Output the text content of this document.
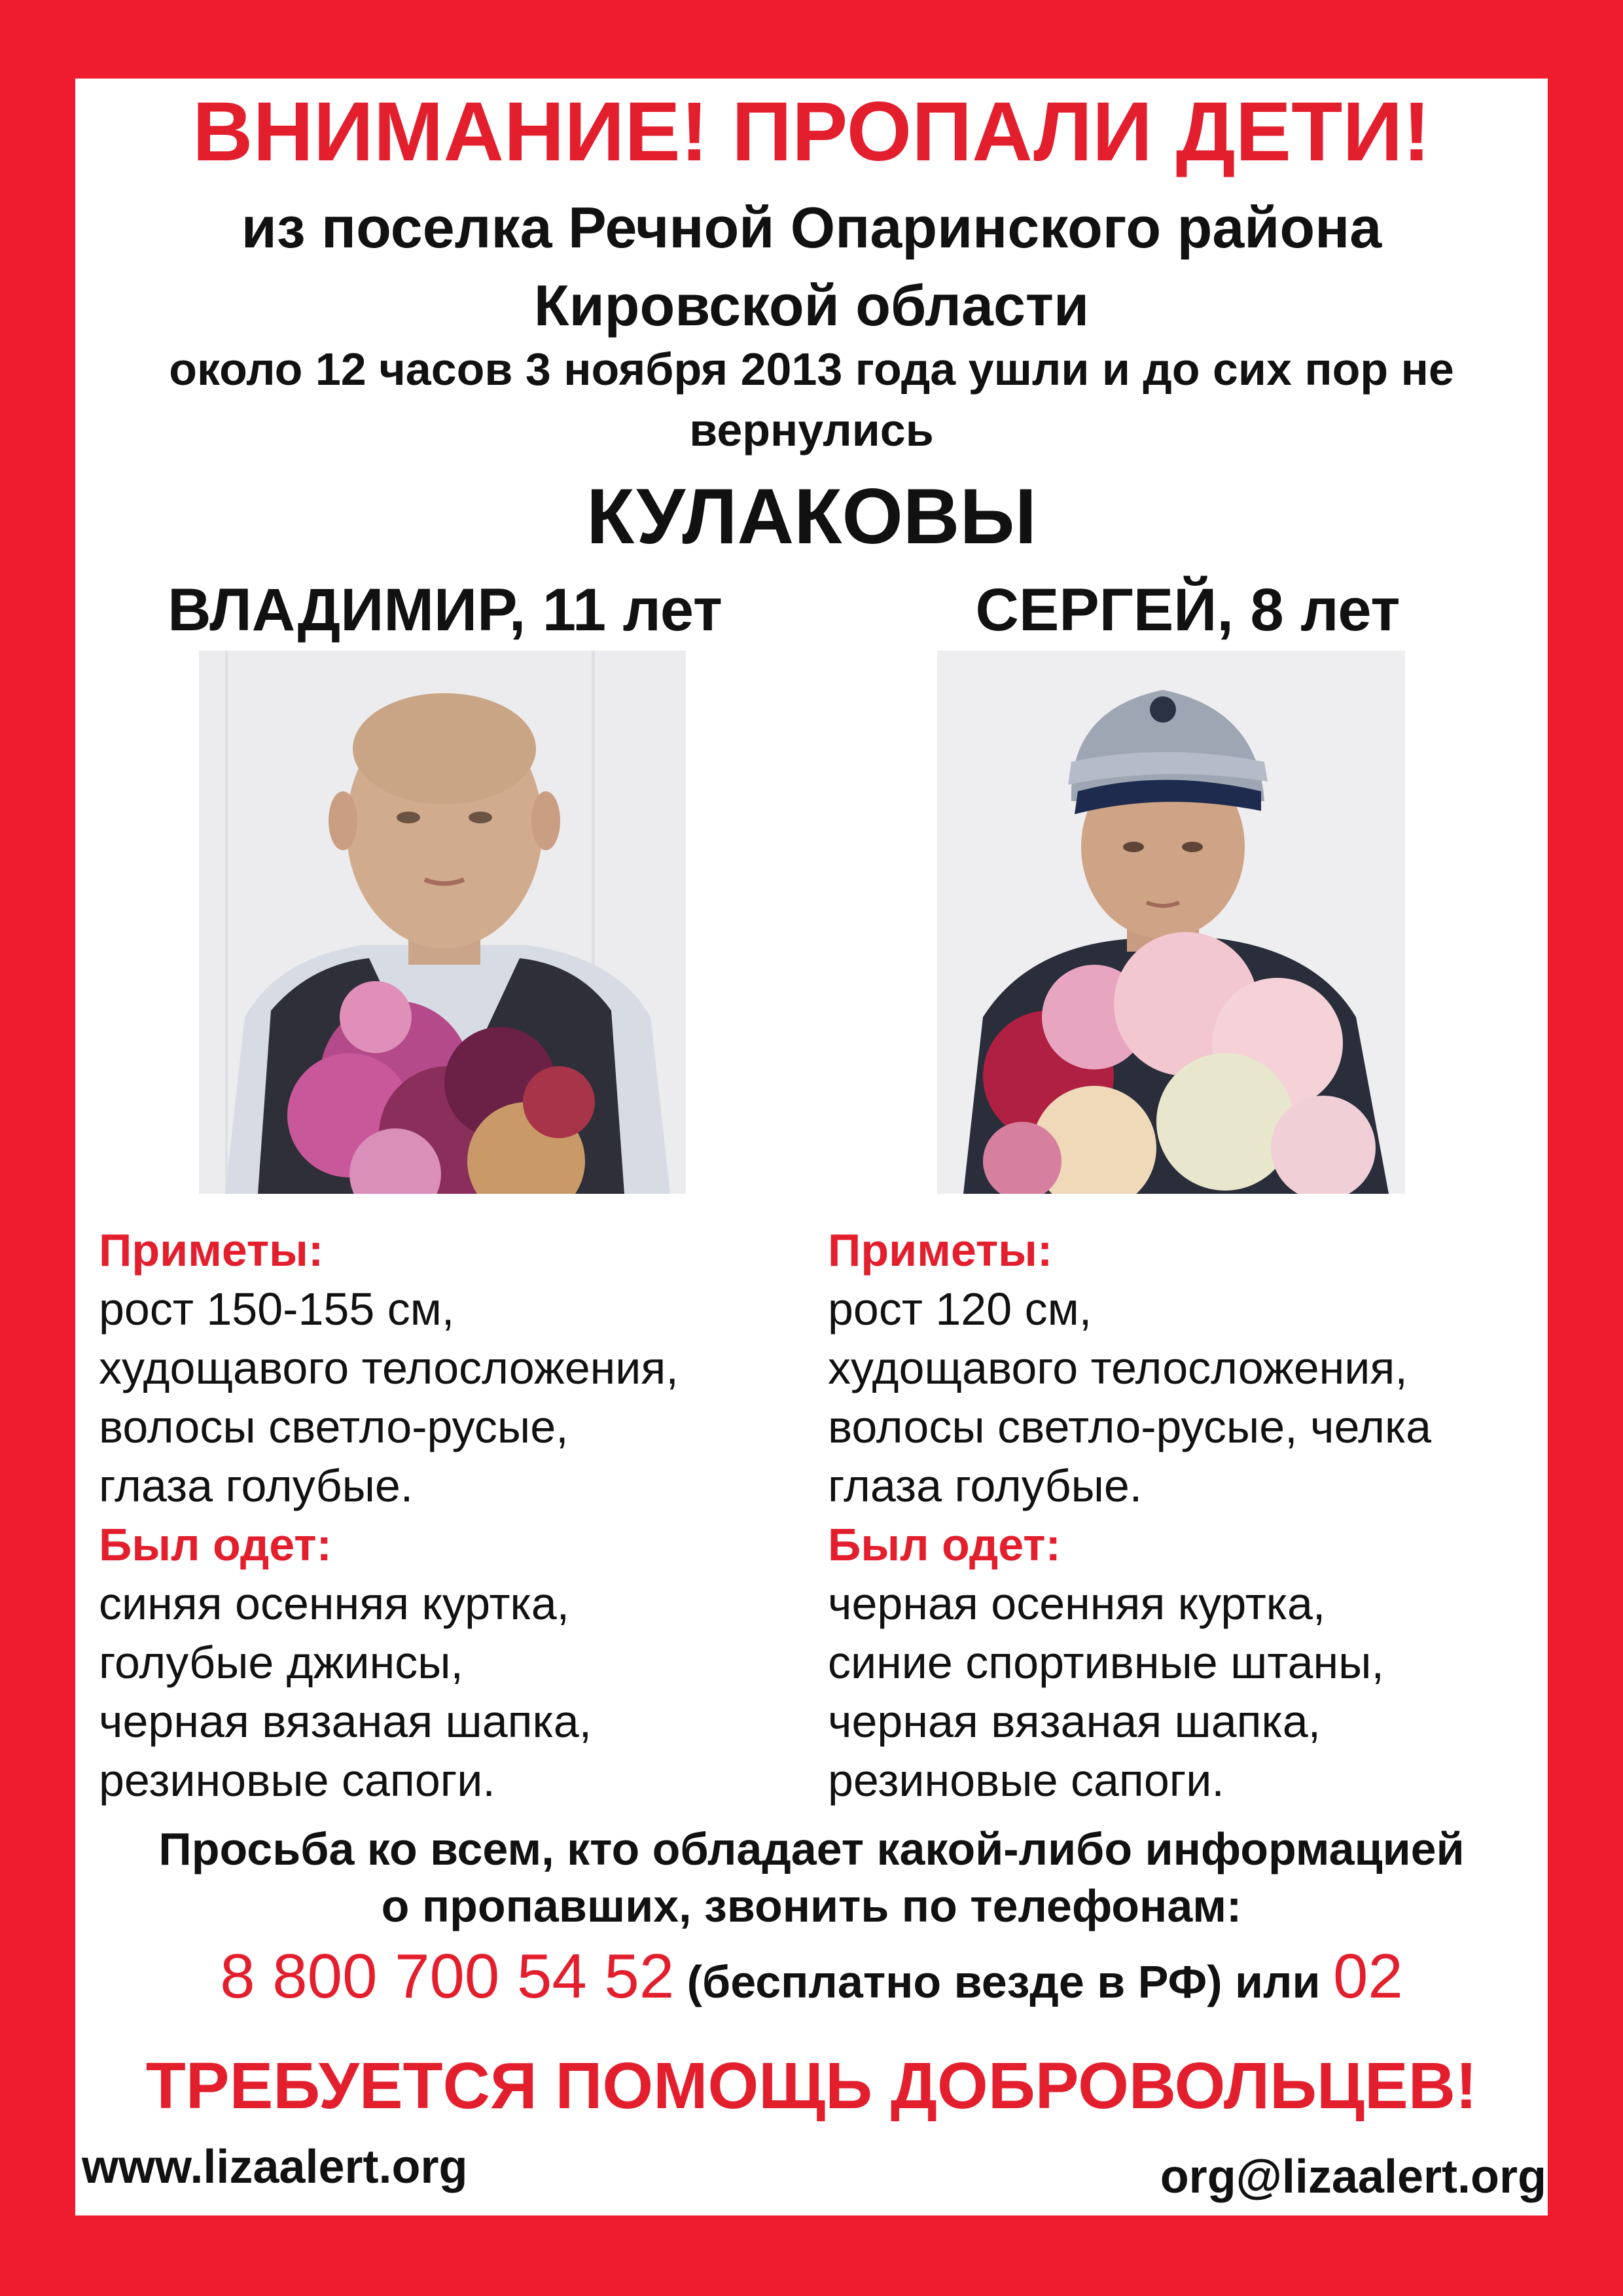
ВНИМАНИЕ! ПРОПАЛИ ДЕТИ!
из поселка Речной Опаринского района
Кировской области
около 12 часов 3 ноября 2013 года ушли и до сих пор не
вернулись
КУЛАКОВЫ
ВЛАДИМИР, 11 лет	СЕРГЕЙ, 8 лет
Приметы:
рост 150-155 см,
худощавого телосложения,
волосы светло-русые,
глаза голубые.
Был одет:
синяя осенняя куртка,
голубые джинсы,
черная вязаная шапка,
резиновые сапоги.
Приметы:
рост 120 см,
худощавого телосложения,
волосы светло-русые, челка
глаза голубые.
Был одет:
черная осенняя куртка,
синие спортивные штаны,
черная вязаная шапка,
резиновые сапоги.
Просьба ко всем, кто обладает какой-либо информацией
о пропавших, звонить по телефонам:
8 800 700 54 52 (бесплатно везде в РФ) или 02
ТРЕБУЕТСЯ ПОМОЩЬ ДОБРОВОЛЬЦЕВ!
www.lizaalert.org	org@lizaalert.org
